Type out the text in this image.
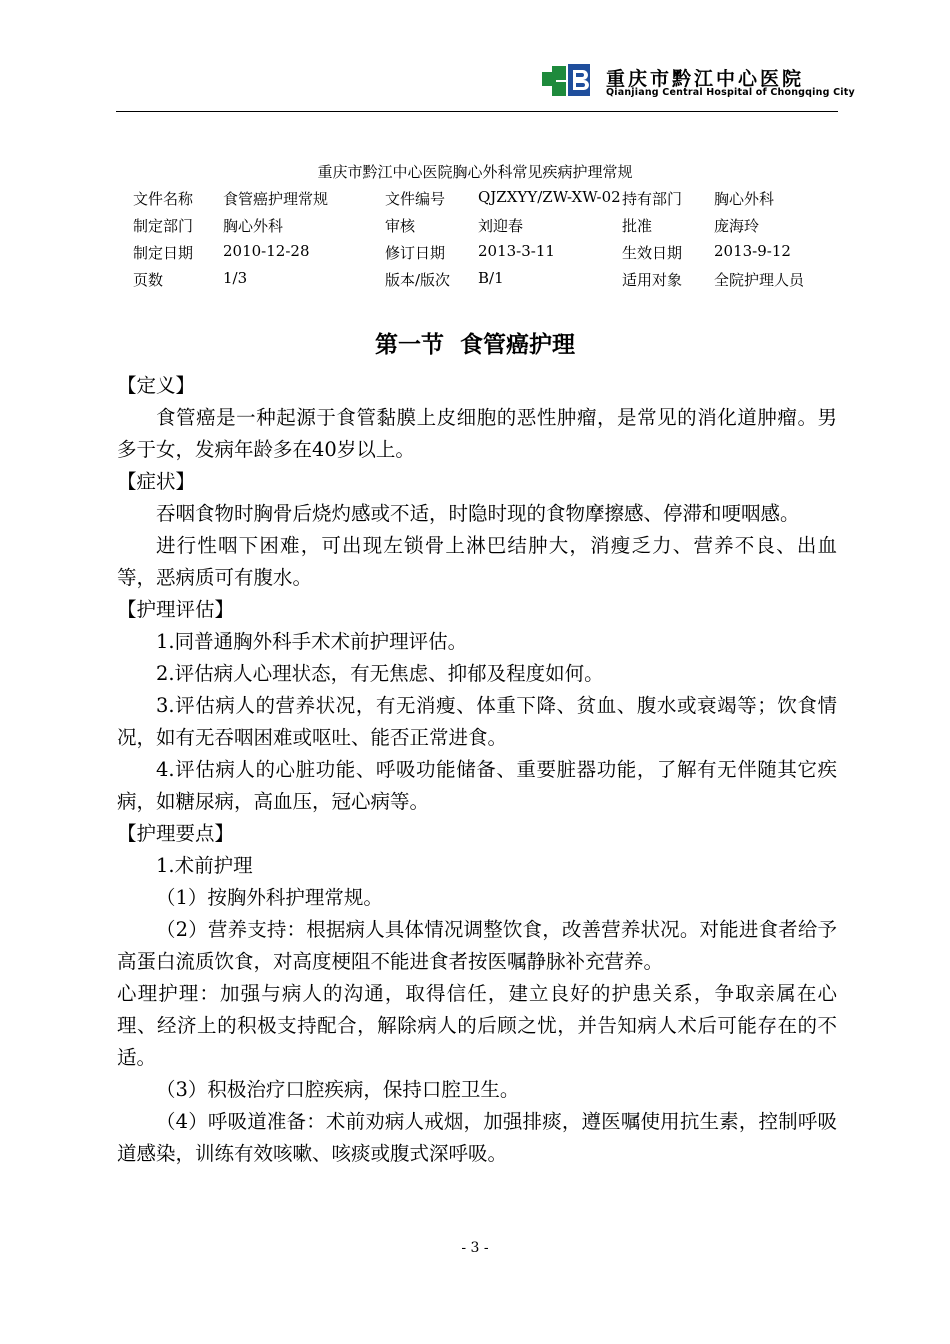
重庆市黔江中心医院
Qianjiang Central Hospital of Chongqing City
重庆市黔江中心医院胸心外科常见疾病护理常规
文件名称 食管癌护理常规	文件编号 QJZXYY/ZW-XW-02 持有部门 胸心外科
制定部门 胸心外科	审核	刘迎春	批准	庞海玲
制定日期 2010-12-28	修订日期 2013-3-11	生效日期 2013-9-12
页数	1/3	版本/版次 B/1	适用对象 全院护理人员
第一节  食管癌护理

【定义】

食管癌是一种起源于食管黏膜上皮细胞的恶性肿瘤，是常见的消化道肿瘤。男多于女，发病年龄多在40岁以上。

【症状】

吞咽食物时胸骨后烧灼感或不适，时隐时现的食物摩擦感、停滞和哽咽感。

进行性咽下困难，可出现左锁骨上淋巴结肿大，消瘦乏力、营养不良、出血等，恶病质可有腹水。

【护理评估】

1.同普通胸外科手术术前护理评估。

2.评估病人心理状态，有无焦虑、抑郁及程度如何。

3.评估病人的营养状况，有无消瘦、体重下降、贫血、腹水或衰竭等；饮食情况，如有无吞咽困难或呕吐、能否正常进食。

4.评估病人的心脏功能、呼吸功能储备、重要脏器功能，了解有无伴随其它疾病，如糖尿病，高血压，冠心病等。

【护理要点】

1.术前护理

（1）按胸外科护理常规。

（2）营养支持：根据病人具体情况调整饮食，改善营养状况。对能进食者给予高蛋白流质饮食，对高度梗阻不能进食者按医嘱静脉补充营养。

心理护理：加强与病人的沟通，取得信任，建立良好的护患关系，争取亲属在心理、经济上的积极支持配合，解除病人的后顾之忧，并告知病人术后可能存在的不适。

（3）积极治疗口腔疾病，保持口腔卫生。

（4）呼吸道准备：术前劝病人戒烟，加强排痰，遵医嘱使用抗生素，控制呼吸道感染，训练有效咳嗽、咳痰或腹式深呼吸。

- 3 -
